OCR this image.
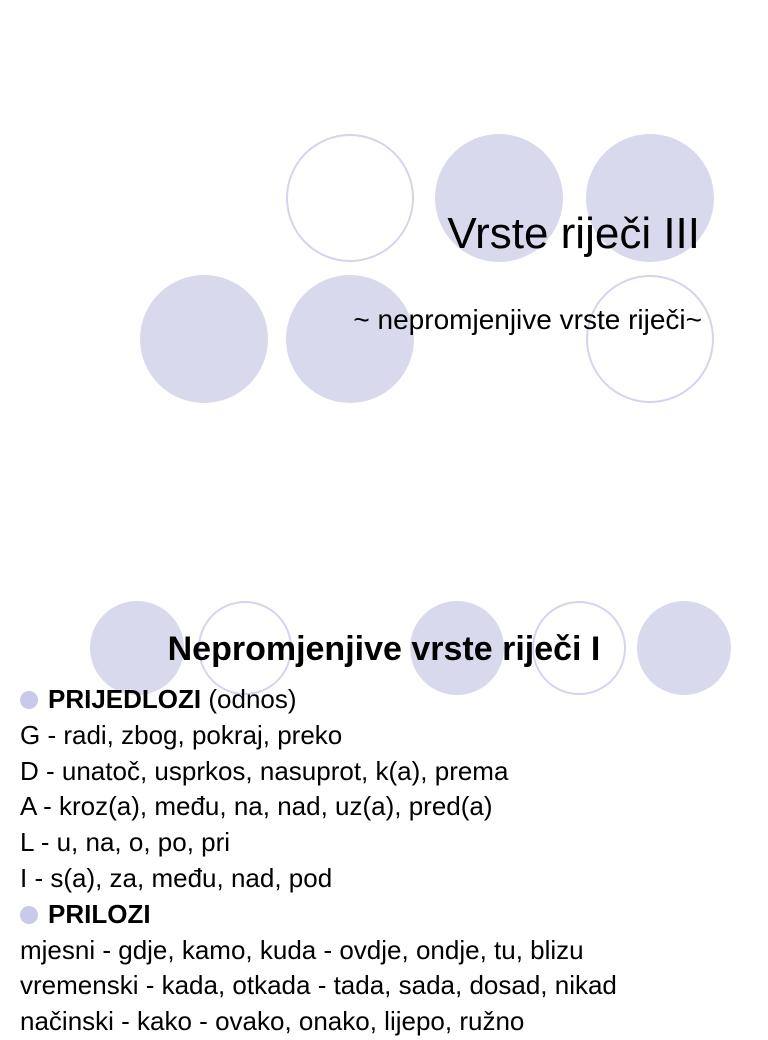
Vrste riječi III
~ nepromjenjive vrste riječi~
Nepromjenjive vrste riječi I
PRIJEDLOZI (odnos)
G - radi, zbog, pokraj, preko
D - unatoč, usprkos, nasuprot, k(a), prema
A - kroz(a), među, na, nad, uz(a), pred(a)
L - u, na, o, po, pri
I - s(a), za, među, nad, pod
PRILOZI
mjesni - gdje, kamo, kuda - ovdje, ondje, tu, blizu
vremenski - kada, otkada - tada, sada, dosad, nikad
načinski - kako - ovako, onako, lijepo, ružno
